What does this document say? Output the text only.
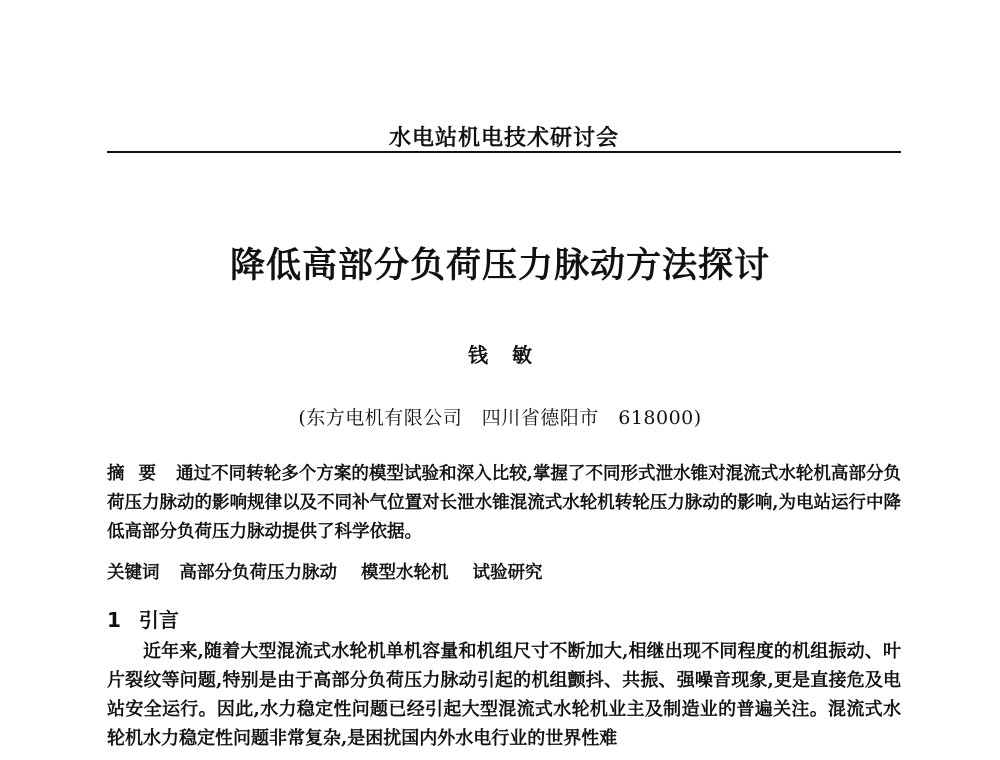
水电站机电技术研讨会
降低高部分负荷压力脉动方法探讨
钱敏
(东方电机有限公司　四川省德阳市　618000)
摘要 通过不同转轮多个方案的模型试验和深入比较,掌握了不同形式泄水锥对混流式水轮机高部分负荷压力脉动的影响规律以及不同补气位置对长泄水锥混流式水轮机转轮压力脉动的影响,为电站运行中降低高部分负荷压力脉动提供了科学依据。
关键词 高部分负荷压力脉动 模型水轮机 试验研究
1 引言
近年来,随着大型混流式水轮机单机容量和机组尺寸不断加大,相继出现不同程度的机组振动、叶片裂纹等问题,特别是由于高部分负荷压力脉动引起的机组颤抖、共振、强噪音现象,更是直接危及电站安全运行。因此,水力稳定性问题已经引起大型混流式水轮机业主及制造业的普遍关注。混流式水轮机水力稳定性问题非常复杂,是困扰国内外水电行业的世界性难
